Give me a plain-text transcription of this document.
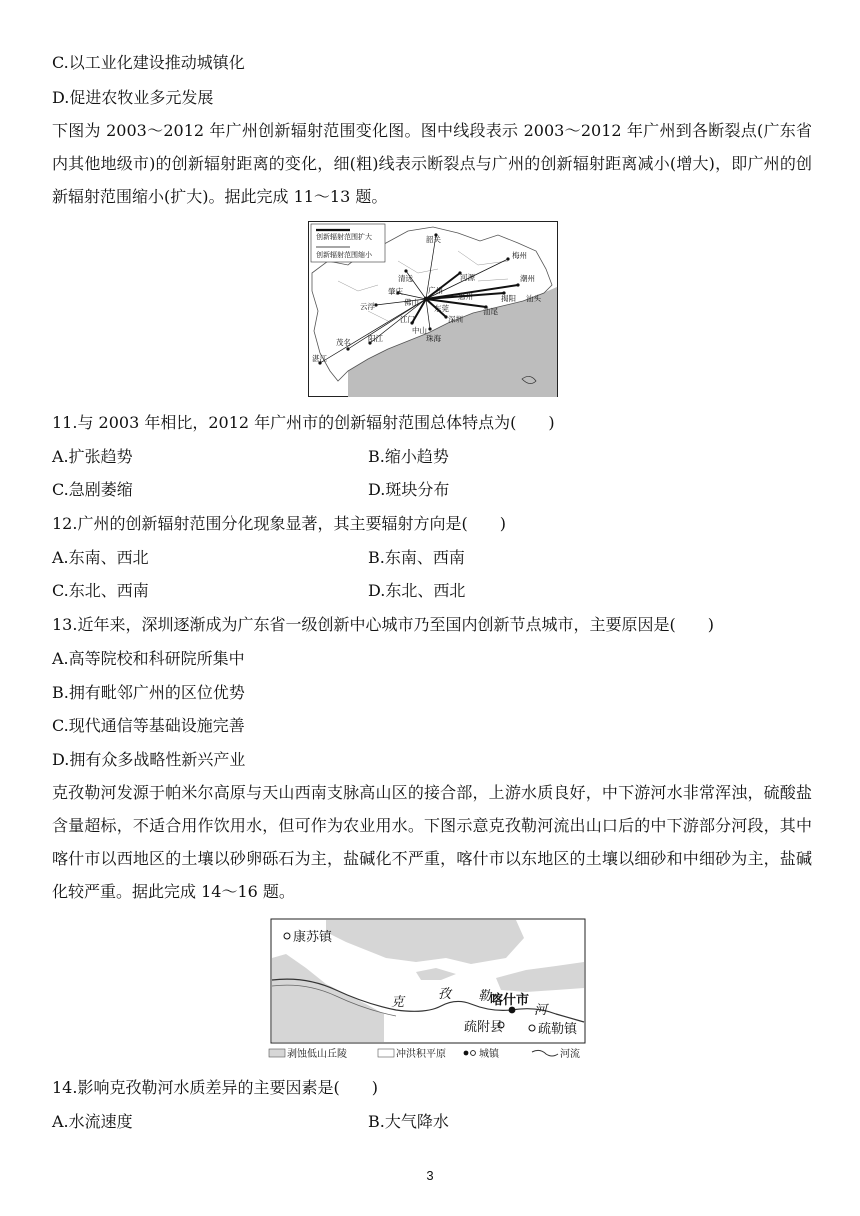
C.以工业化建设推动城镇化
D.促进农牧业多元发展
下图为 2003～2012 年广州创新辐射范围变化图。图中线段表示 2003～2012 年广州到各断裂点(广东省内其他地级市)的创新辐射距离的变化，细(粗)线表示断裂点与广州的创新辐射距离减小(增大)，即广州的创新辐射范围缩小(扩大)。据此完成 11～13 题。
创新辐射范围扩大
创新辐射范围缩小
韶关
梅州
清远	河源	潮州
揭阳 汕头
汕尾
肇庆
云浮	佛山
广州
东莞
惠州
江门
中山
深圳
珠海
阳江
茂名
湛江
11.与 2003 年相比，2012 年广州市的创新辐射范围总体特点为(　　)
A.扩张趋势	B.缩小趋势
C.急剧萎缩	D.斑块分布
12.广州的创新辐射范围分化现象显著，其主要辐射方向是(　　)
A.东南、西北	B.东南、西南
C.东北、西南	D.东北、西北
13.近年来，深圳逐渐成为广东省一级创新中心城市乃至国内创新节点城市，主要原因是(　　)
A.高等院校和科研院所集中
B.拥有毗邻广州的区位优势
C.现代通信等基础设施完善
D.拥有众多战略性新兴产业
克孜勒河发源于帕米尔高原与天山西南支脉高山区的接合部，上游水质良好，中下游河水非常浑浊，硫酸盐含量超标，不适合用作饮用水，但可作为农业用水。下图示意克孜勒河流出山口后的中下游部分河段，其中喀什市以西地区的土壤以砂卵砾石为主，盐碱化不严重，喀什市以东地区的土壤以细砂和中细砂为主，盐碱化较严重。据此完成 14～16 题。
康苏镇
喀什市
疏附县	疏勒镇
克
孜 勒
河
剥蚀低山丘陵	冲洪积平原	城镇	河流
14.影响克孜勒河水质差异的主要因素是(　　)
A.水流速度	B.大气降水
3
